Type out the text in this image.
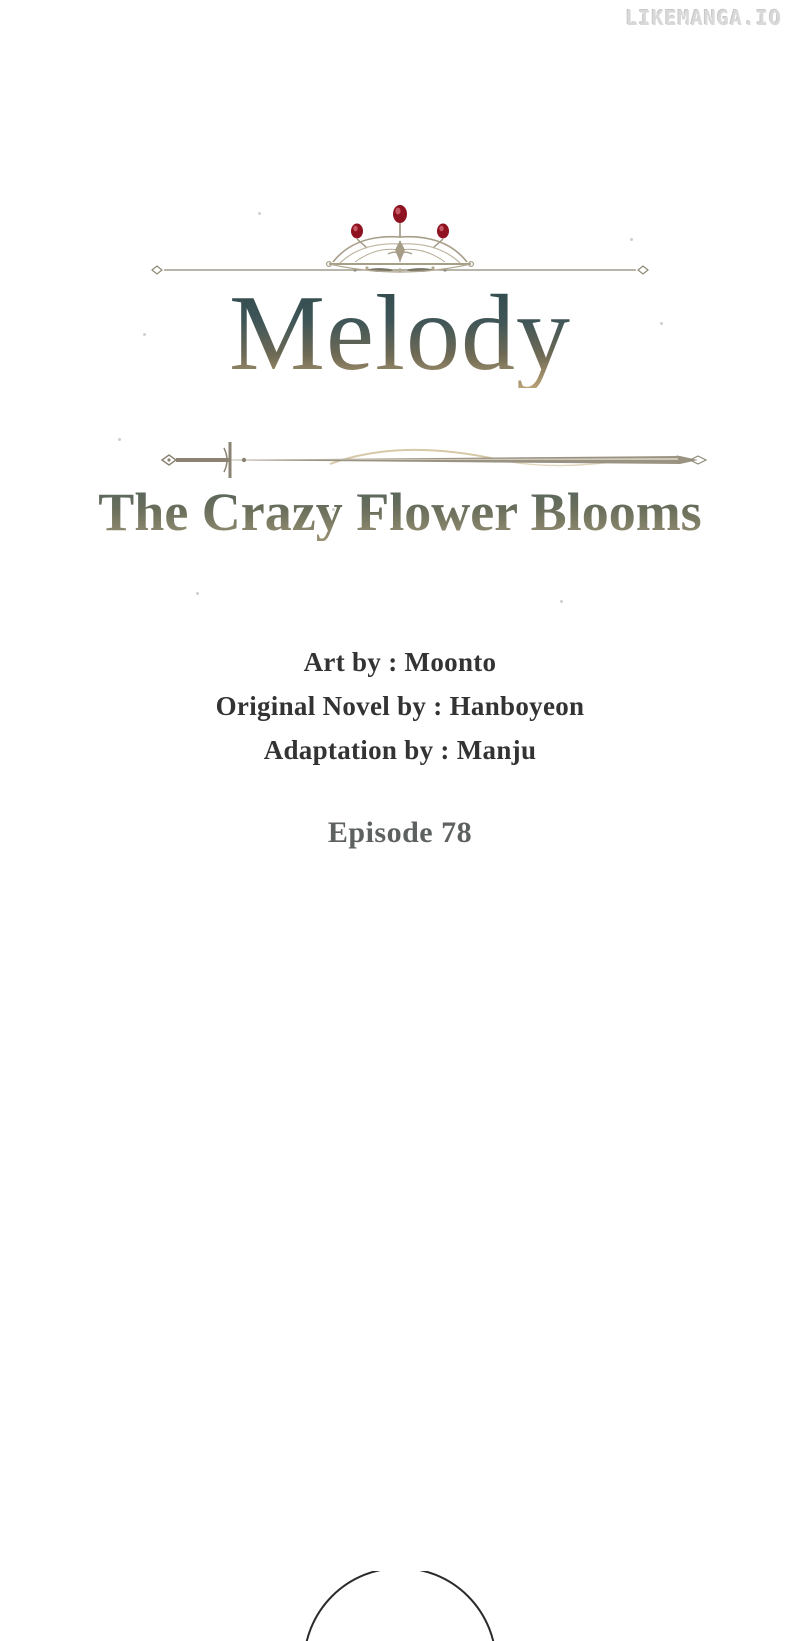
LIKEMANGA.IO
Melody
The Crazy Flower Blooms
Art by : Moonto
Original Novel by : Hanboyeon
Adaptation by : Manju
Episode 78
